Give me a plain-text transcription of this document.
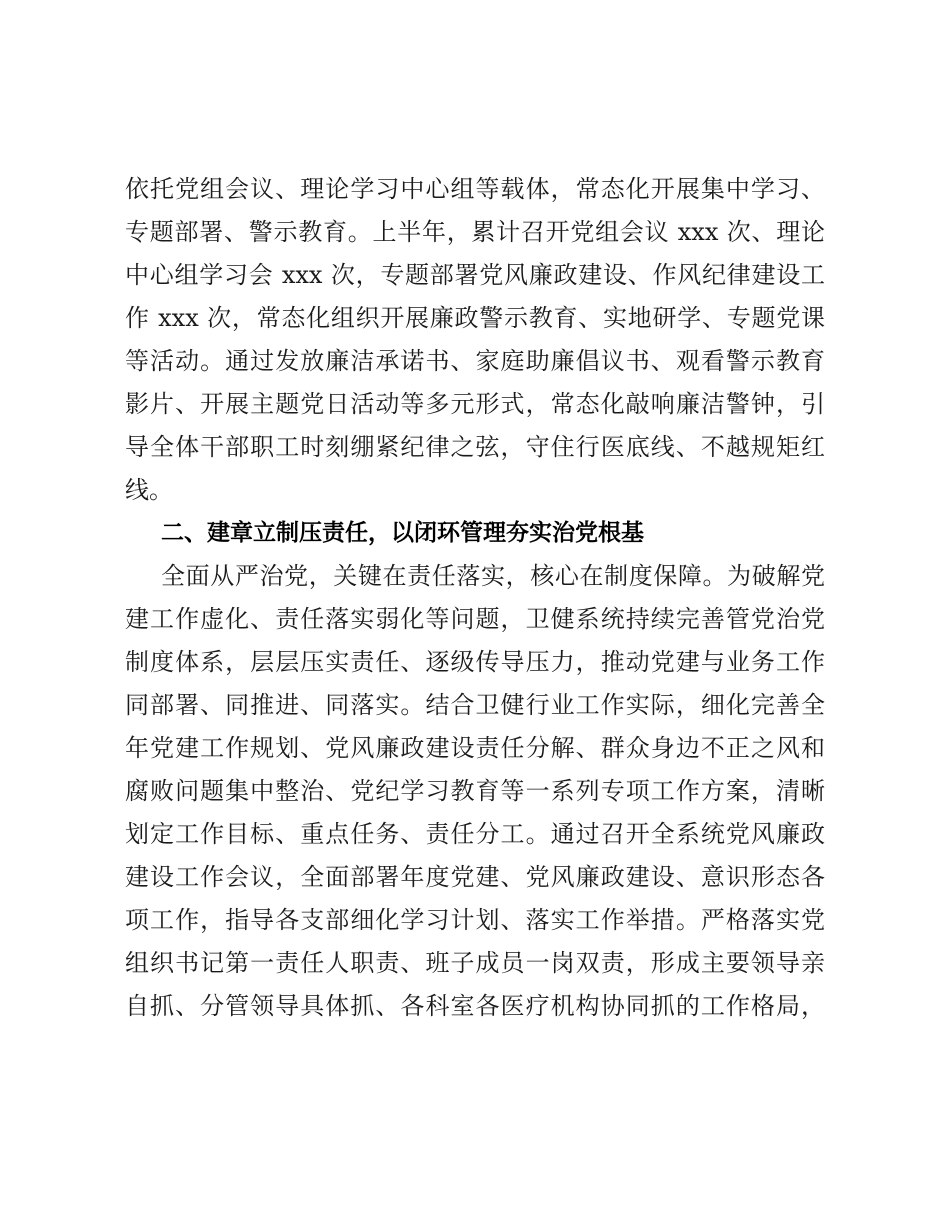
依托党组会议、理论学习中心组等载体，常态化开展集中学习、
专题部署、警示教育。上半年，累计召开党组会议 xxx 次、理论
中心组学习会 xxx 次，专题部署党风廉政建设、作风纪律建设工
作 xxx 次，常态化组织开展廉政警示教育、实地研学、专题党课
等活动。通过发放廉洁承诺书、家庭助廉倡议书、观看警示教育
影片、开展主题党日活动等多元形式，常态化敲响廉洁警钟，引
导全体干部职工时刻绷紧纪律之弦，守住行医底线、不越规矩红
线。
二、建章立制压责任，以闭环管理夯实治党根基
全面从严治党，关键在责任落实，核心在制度保障。为破解党
建工作虚化、责任落实弱化等问题，卫健系统持续完善管党治党
制度体系，层层压实责任、逐级传导压力，推动党建与业务工作
同部署、同推进、同落实。结合卫健行业工作实际，细化完善全
年党建工作规划、党风廉政建设责任分解、群众身边不正之风和
腐败问题集中整治、党纪学习教育等一系列专项工作方案，清晰
划定工作目标、重点任务、责任分工。通过召开全系统党风廉政
建设工作会议，全面部署年度党建、党风廉政建设、意识形态各
项工作，指导各支部细化学习计划、落实工作举措。严格落实党
组织书记第一责任人职责、班子成员一岗双责，形成主要领导亲
自抓、分管领导具体抓、各科室各医疗机构协同抓的工作格局，
